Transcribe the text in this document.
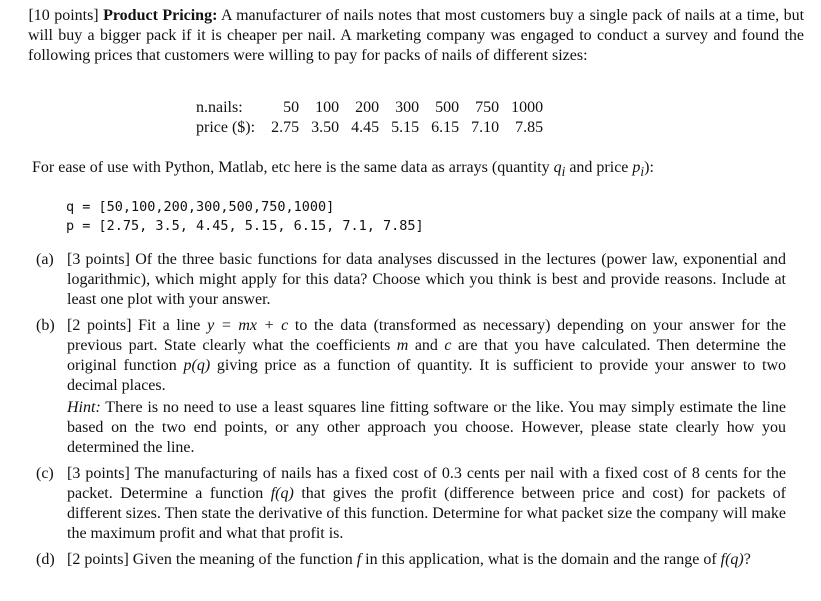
[10 points] Product Pricing: A manufacturer of nails notes that most customers buy a single pack of nails at a time, but will buy a bigger pack if it is cheaper per nail. A marketing company was engaged to conduct a survey and found the following prices that customers were willing to pay for packs of nails of different sizes:

n.nails:	50	100	200	300	500	750	1000
price ($):	2.75	3.50	4.45	5.15	6.15	7.10	7.85
For ease of use with Python, Matlab, etc here is the same data as arrays (quantity $q_i$ and price $p_i$):
q = [50,100,200,300,500,750,1000]
p = [2.75, 3.5, 4.45, 5.15, 6.15, 7.1, 7.85]
(a) [3 points] Of the three basic functions for data analyses discussed in the lectures (power law, exponential and logarithmic), which might apply for this data? Choose which you think is best and provide reasons. Include at least one plot with your answer.
(b) [2 points] Fit a line y = mx + c to the data (transformed as necessary) depending on your answer for the previous part. State clearly what the coefficients m and c are that you have calculated. Then determine the original function p(q) giving price as a function of quantity. It is sufficient to provide your answer to two decimal places.
Hint: There is no need to use a least squares line fitting software or the like. You may simply estimate the line based on the two end points, or any other approach you choose. However, please state clearly how you determined the line.
(c) [3 points] The manufacturing of nails has a fixed cost of 0.3 cents per nail with a fixed cost of 8 cents for the packet. Determine a function f(q) that gives the profit (difference between price and cost) for packets of different sizes. Then state the derivative of this function. Determine for what packet size the company will make the maximum profit and what that profit is.
(d) [2 points] Given the meaning of the function f in this application, what is the domain and the range of f(q)?
